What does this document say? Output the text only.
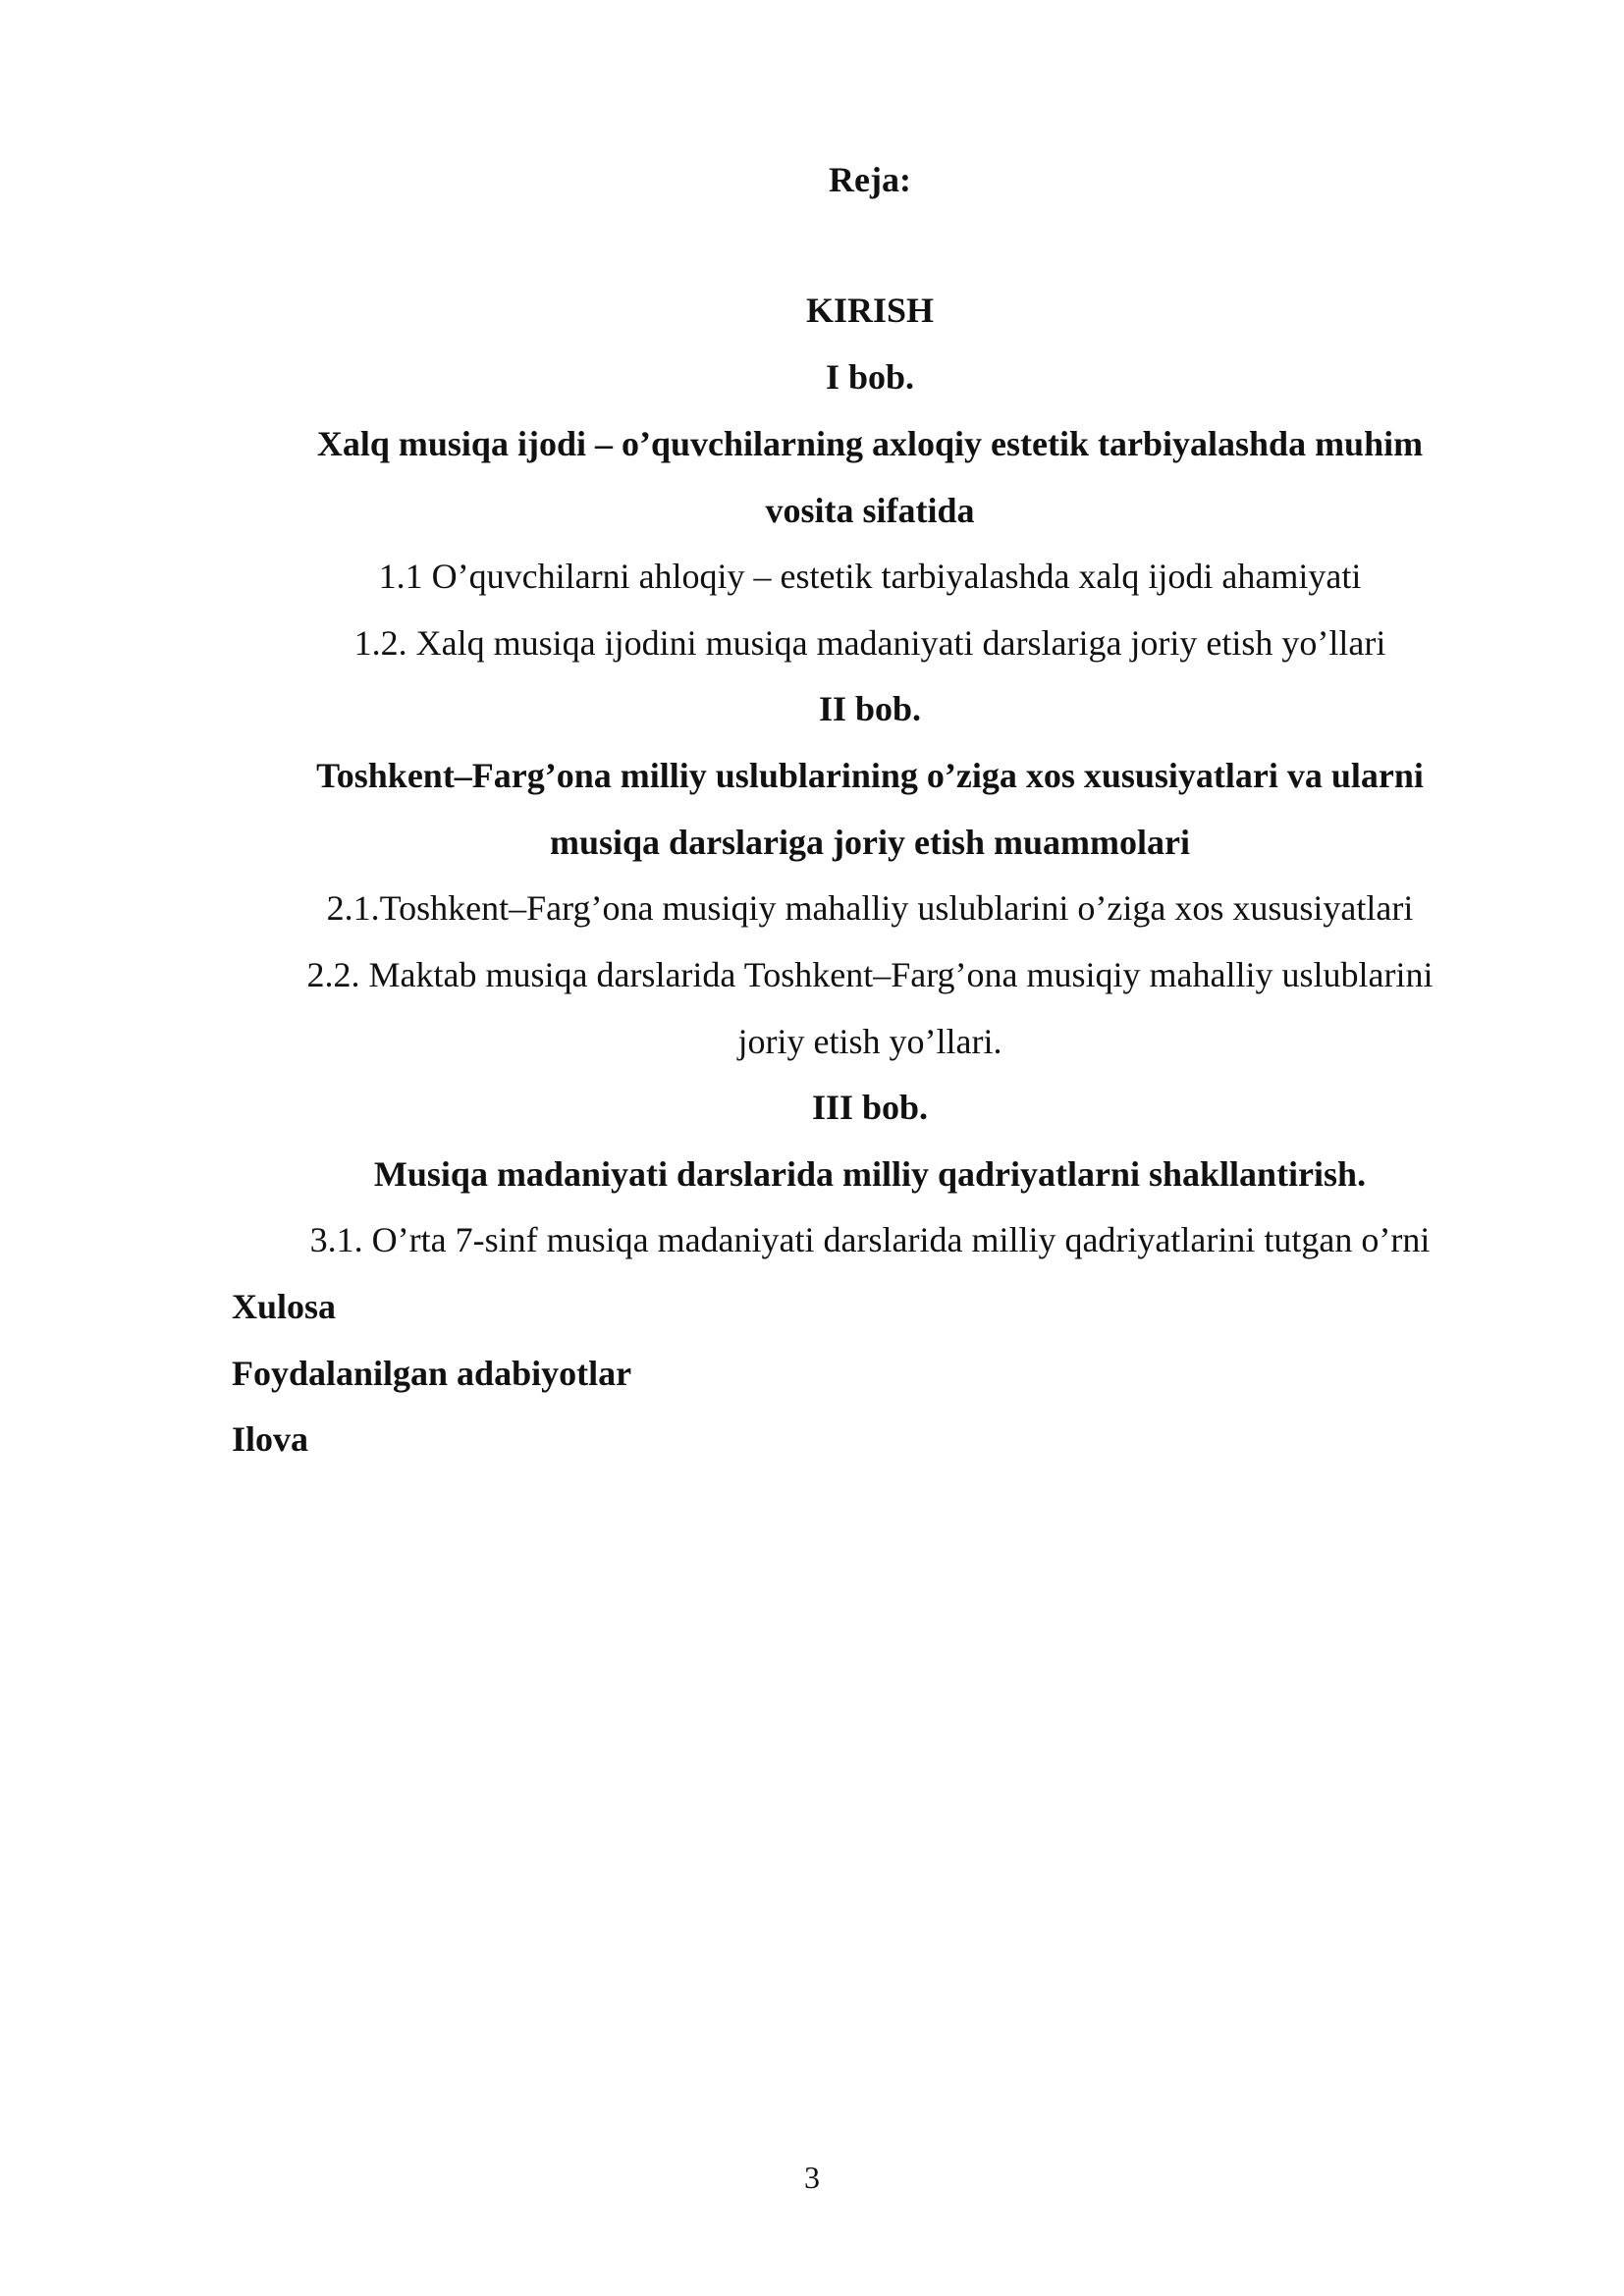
Reja:
KIRISH
I bob.
Xalq musiqa ijodi – o’quvchilarning axloqiy estetik tarbiyalashda muhim
vosita sifatida
1.1 O’quvchilarni ahloqiy – estetik tarbiyalashda xalq ijodi ahamiyati
1.2. Xalq musiqa ijodini musiqa madaniyati darslariga joriy etish yo’llari
II bob.
Toshkent–Farg’ona milliy uslublarining o’ziga xos xususiyatlari va ularni
musiqa darslariga joriy etish muammolari
2.1.Toshkent–Farg’ona musiqiy mahalliy uslublarini o’ziga xos xususiyatlari
2.2. Maktab musiqa darslarida Toshkent–Farg’ona musiqiy mahalliy uslublarini
joriy etish yo’llari.
III bob.
Musiqa madaniyati darslarida milliy qadriyatlarni shakllantirish.
3.1. O’rta 7-sinf musiqa madaniyati darslarida milliy qadriyatlarini tutgan o’rni
Xulosa
Foydalanilgan adabiyotlar
Ilova
3
